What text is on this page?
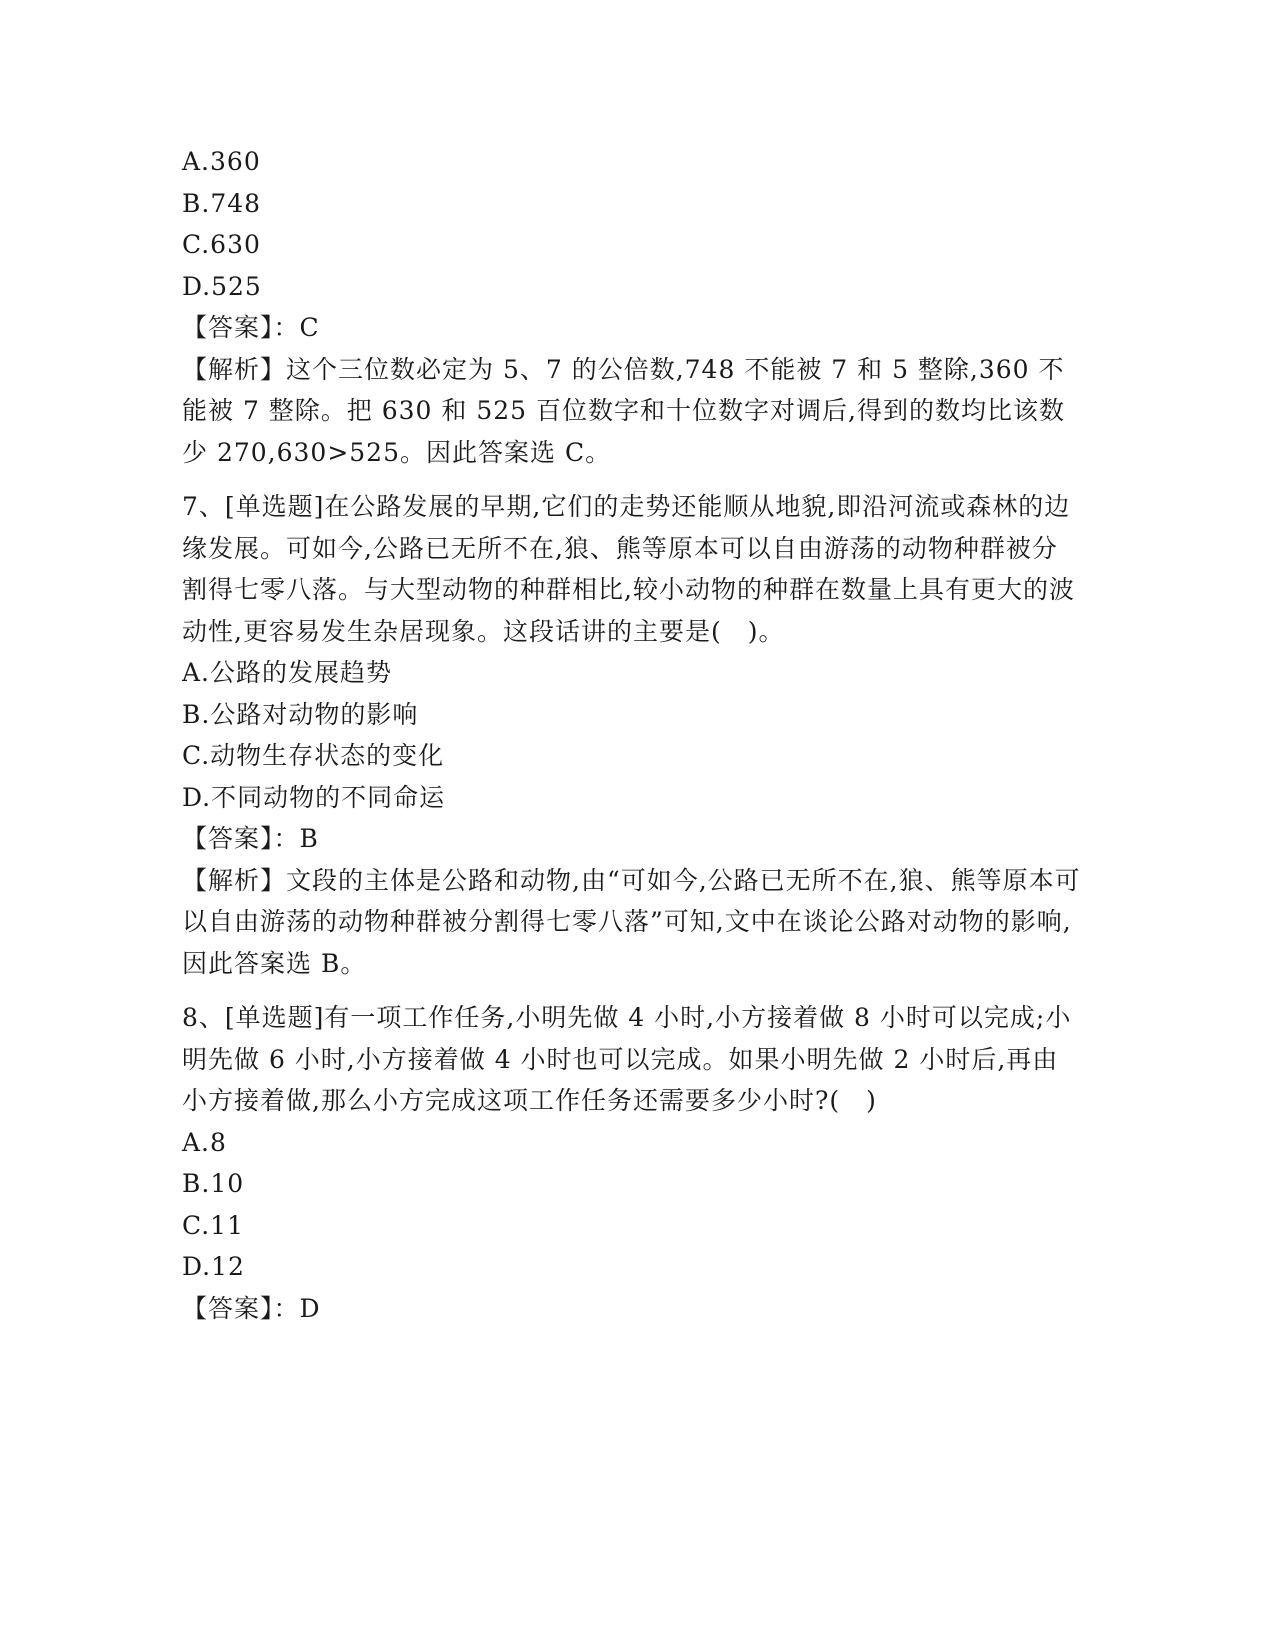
A.360
B.748
C.630
D.525
【答案】：C
【解析】这个三位数必定为 5、7 的公倍数,748 不能被 7 和 5 整除,360 不能被 7 整除。把 630 和 525 百位数字和十位数字对调后,得到的数均比该数少 270,630>525。因此答案选 C。
7、[单选题]在公路发展的早期,它们的走势还能顺从地貌,即沿河流或森林的边缘发展。可如今,公路已无所不在,狼、熊等原本可以自由游荡的动物种群被分割得七零八落。与大型动物的种群相比,较小动物的种群在数量上具有更大的波动性,更容易发生杂居现象。这段话讲的主要是(　)。
A.公路的发展趋势
B.公路对动物的影响
C.动物生存状态的变化
D.不同动物的不同命运
【答案】：B
【解析】文段的主体是公路和动物,由“可如今,公路已无所不在,狼、熊等原本可以自由游荡的动物种群被分割得七零八落”可知,文中在谈论公路对动物的影响,因此答案选 B。
8、[单选题]有一项工作任务,小明先做 4 小时,小方接着做 8 小时可以完成;小明先做 6 小时,小方接着做 4 小时也可以完成。如果小明先做 2 小时后,再由小方接着做,那么小方完成这项工作任务还需要多少小时?(　)
A.8
B.10
C.11
D.12
【答案】：D
